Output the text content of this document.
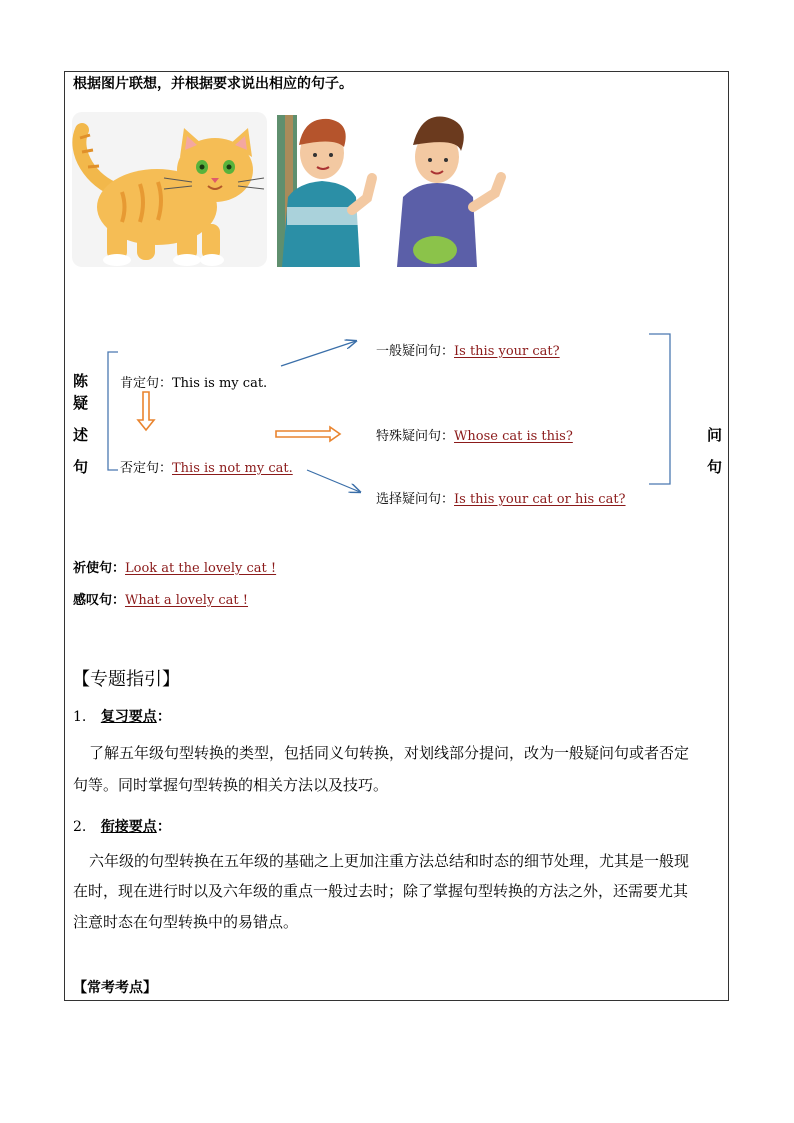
根据图片联想，并根据要求说出相应的句子。
陈
疑
述
句
问
句
肯定句：This is my cat.
否定句：This is not my cat.
一般疑问句：Is this your cat?
特殊疑问句：Whose cat is this?
选择疑问句：Is this your cat or his cat?
祈使句：Look at the lovely cat !
感叹句：What a lovely cat !
【专题指引】
1. 复习要点：
了解五年级句型转换的类型，包括同义句转换，对划线部分提问，改为一般疑问句或者否定
句等。同时掌握句型转换的相关方法以及技巧。
2. 衔接要点：
六年级的句型转换在五年级的基础之上更加注重方法总结和时态的细节处理，尤其是一般现
在时，现在进行时以及六年级的重点一般过去时；除了掌握句型转换的方法之外，还需要尤其
注意时态在句型转换中的易错点。
【常考考点】
